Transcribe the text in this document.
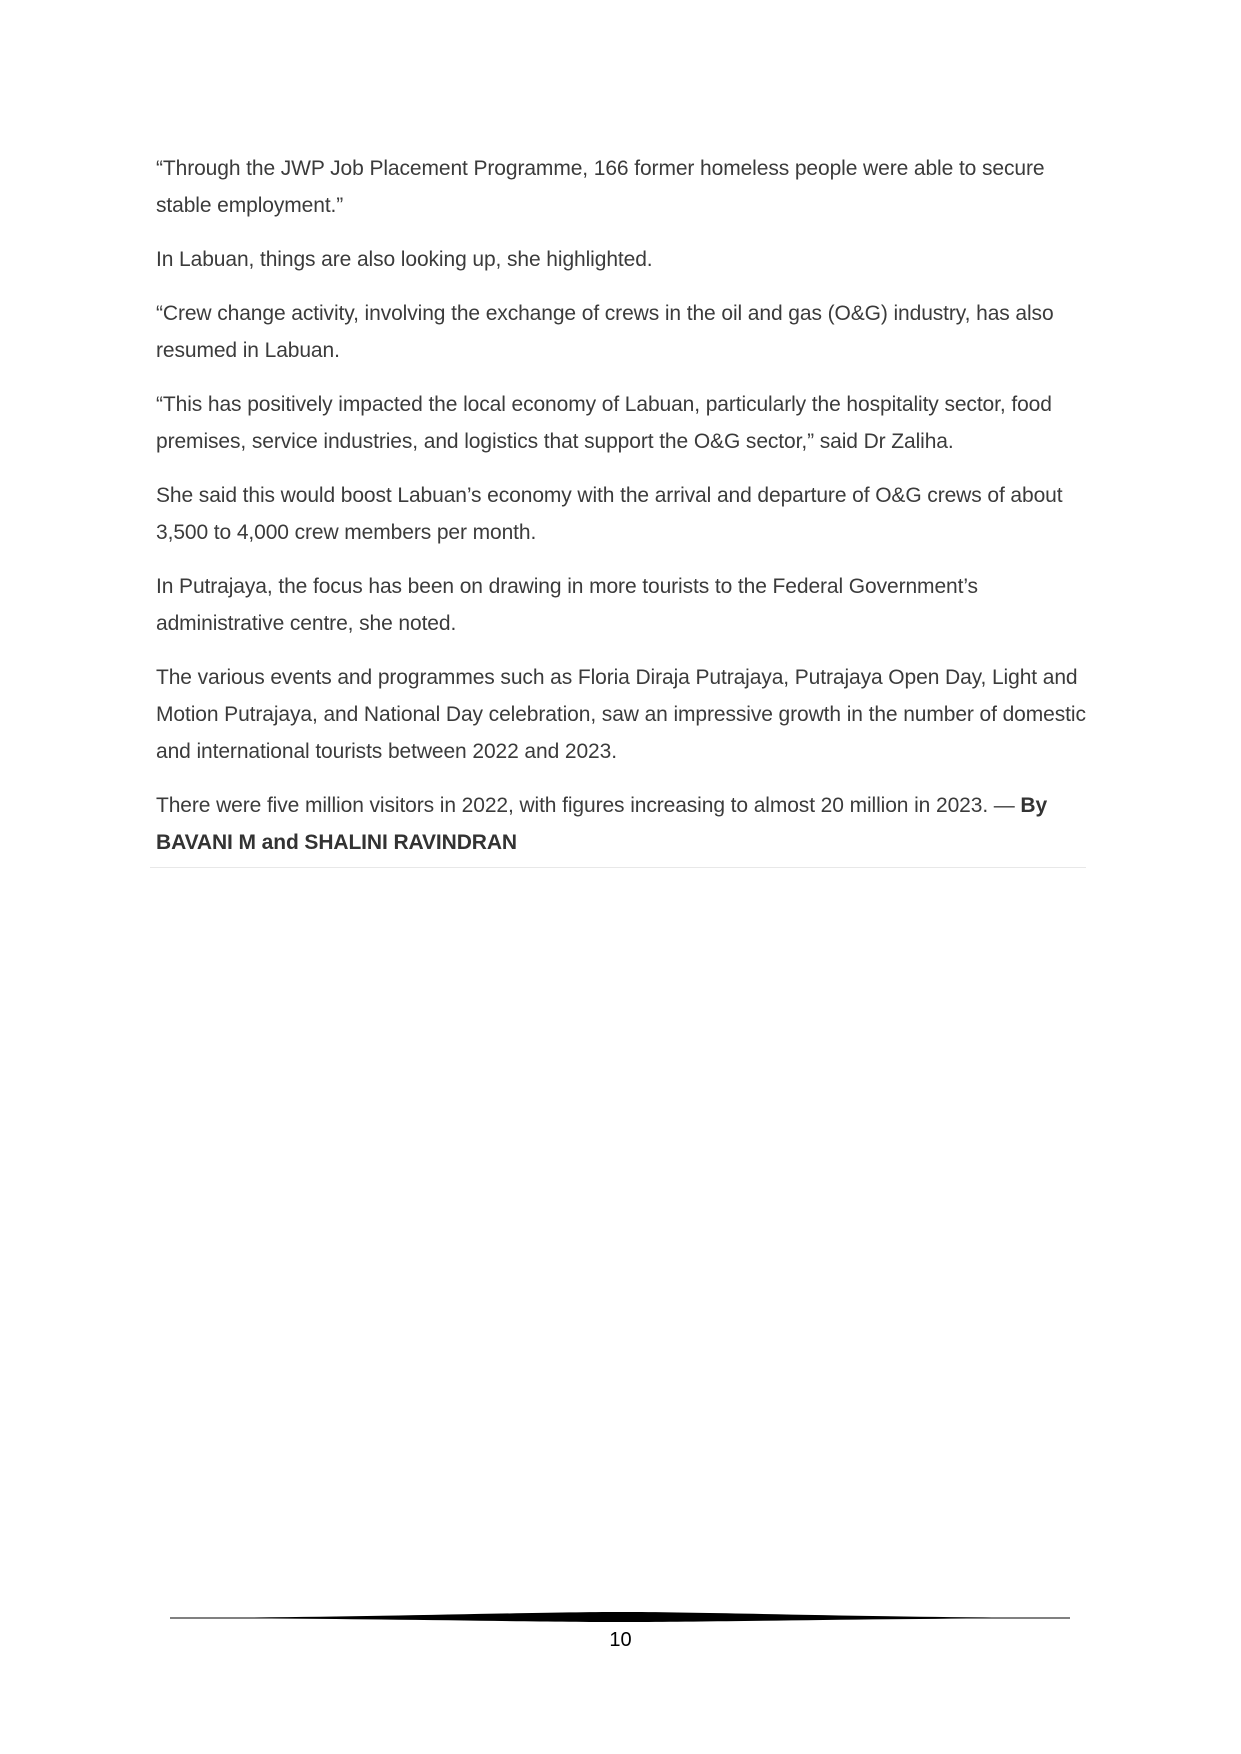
“Through the JWP Job Placement Programme, 166 former homeless people were able to secure stable employment.”

In Labuan, things are also looking up, she highlighted.

“Crew change activity, involving the exchange of crews in the oil and gas (O&G) industry, has also resumed in Labuan.

“This has positively impacted the local economy of Labuan, particularly the hospitality sector, food premises, service industries, and logistics that support the O&G sector,” said Dr Zaliha.

She said this would boost Labuan’s economy with the arrival and departure of O&G crews of about 3,500 to 4,000 crew members per month.

In Putrajaya, the focus has been on drawing in more tourists to the Federal Government’s administrative centre, she noted.

The various events and programmes such as Floria Diraja Putrajaya, Putrajaya Open Day, Light and Motion Putrajaya, and National Day celebration, saw an impressive growth in the number of domestic and international tourists between 2022 and 2023.

There were five million visitors in 2022, with figures increasing to almost 20 million in 2023. — By BAVANI M and SHALINI RAVINDRAN

10
